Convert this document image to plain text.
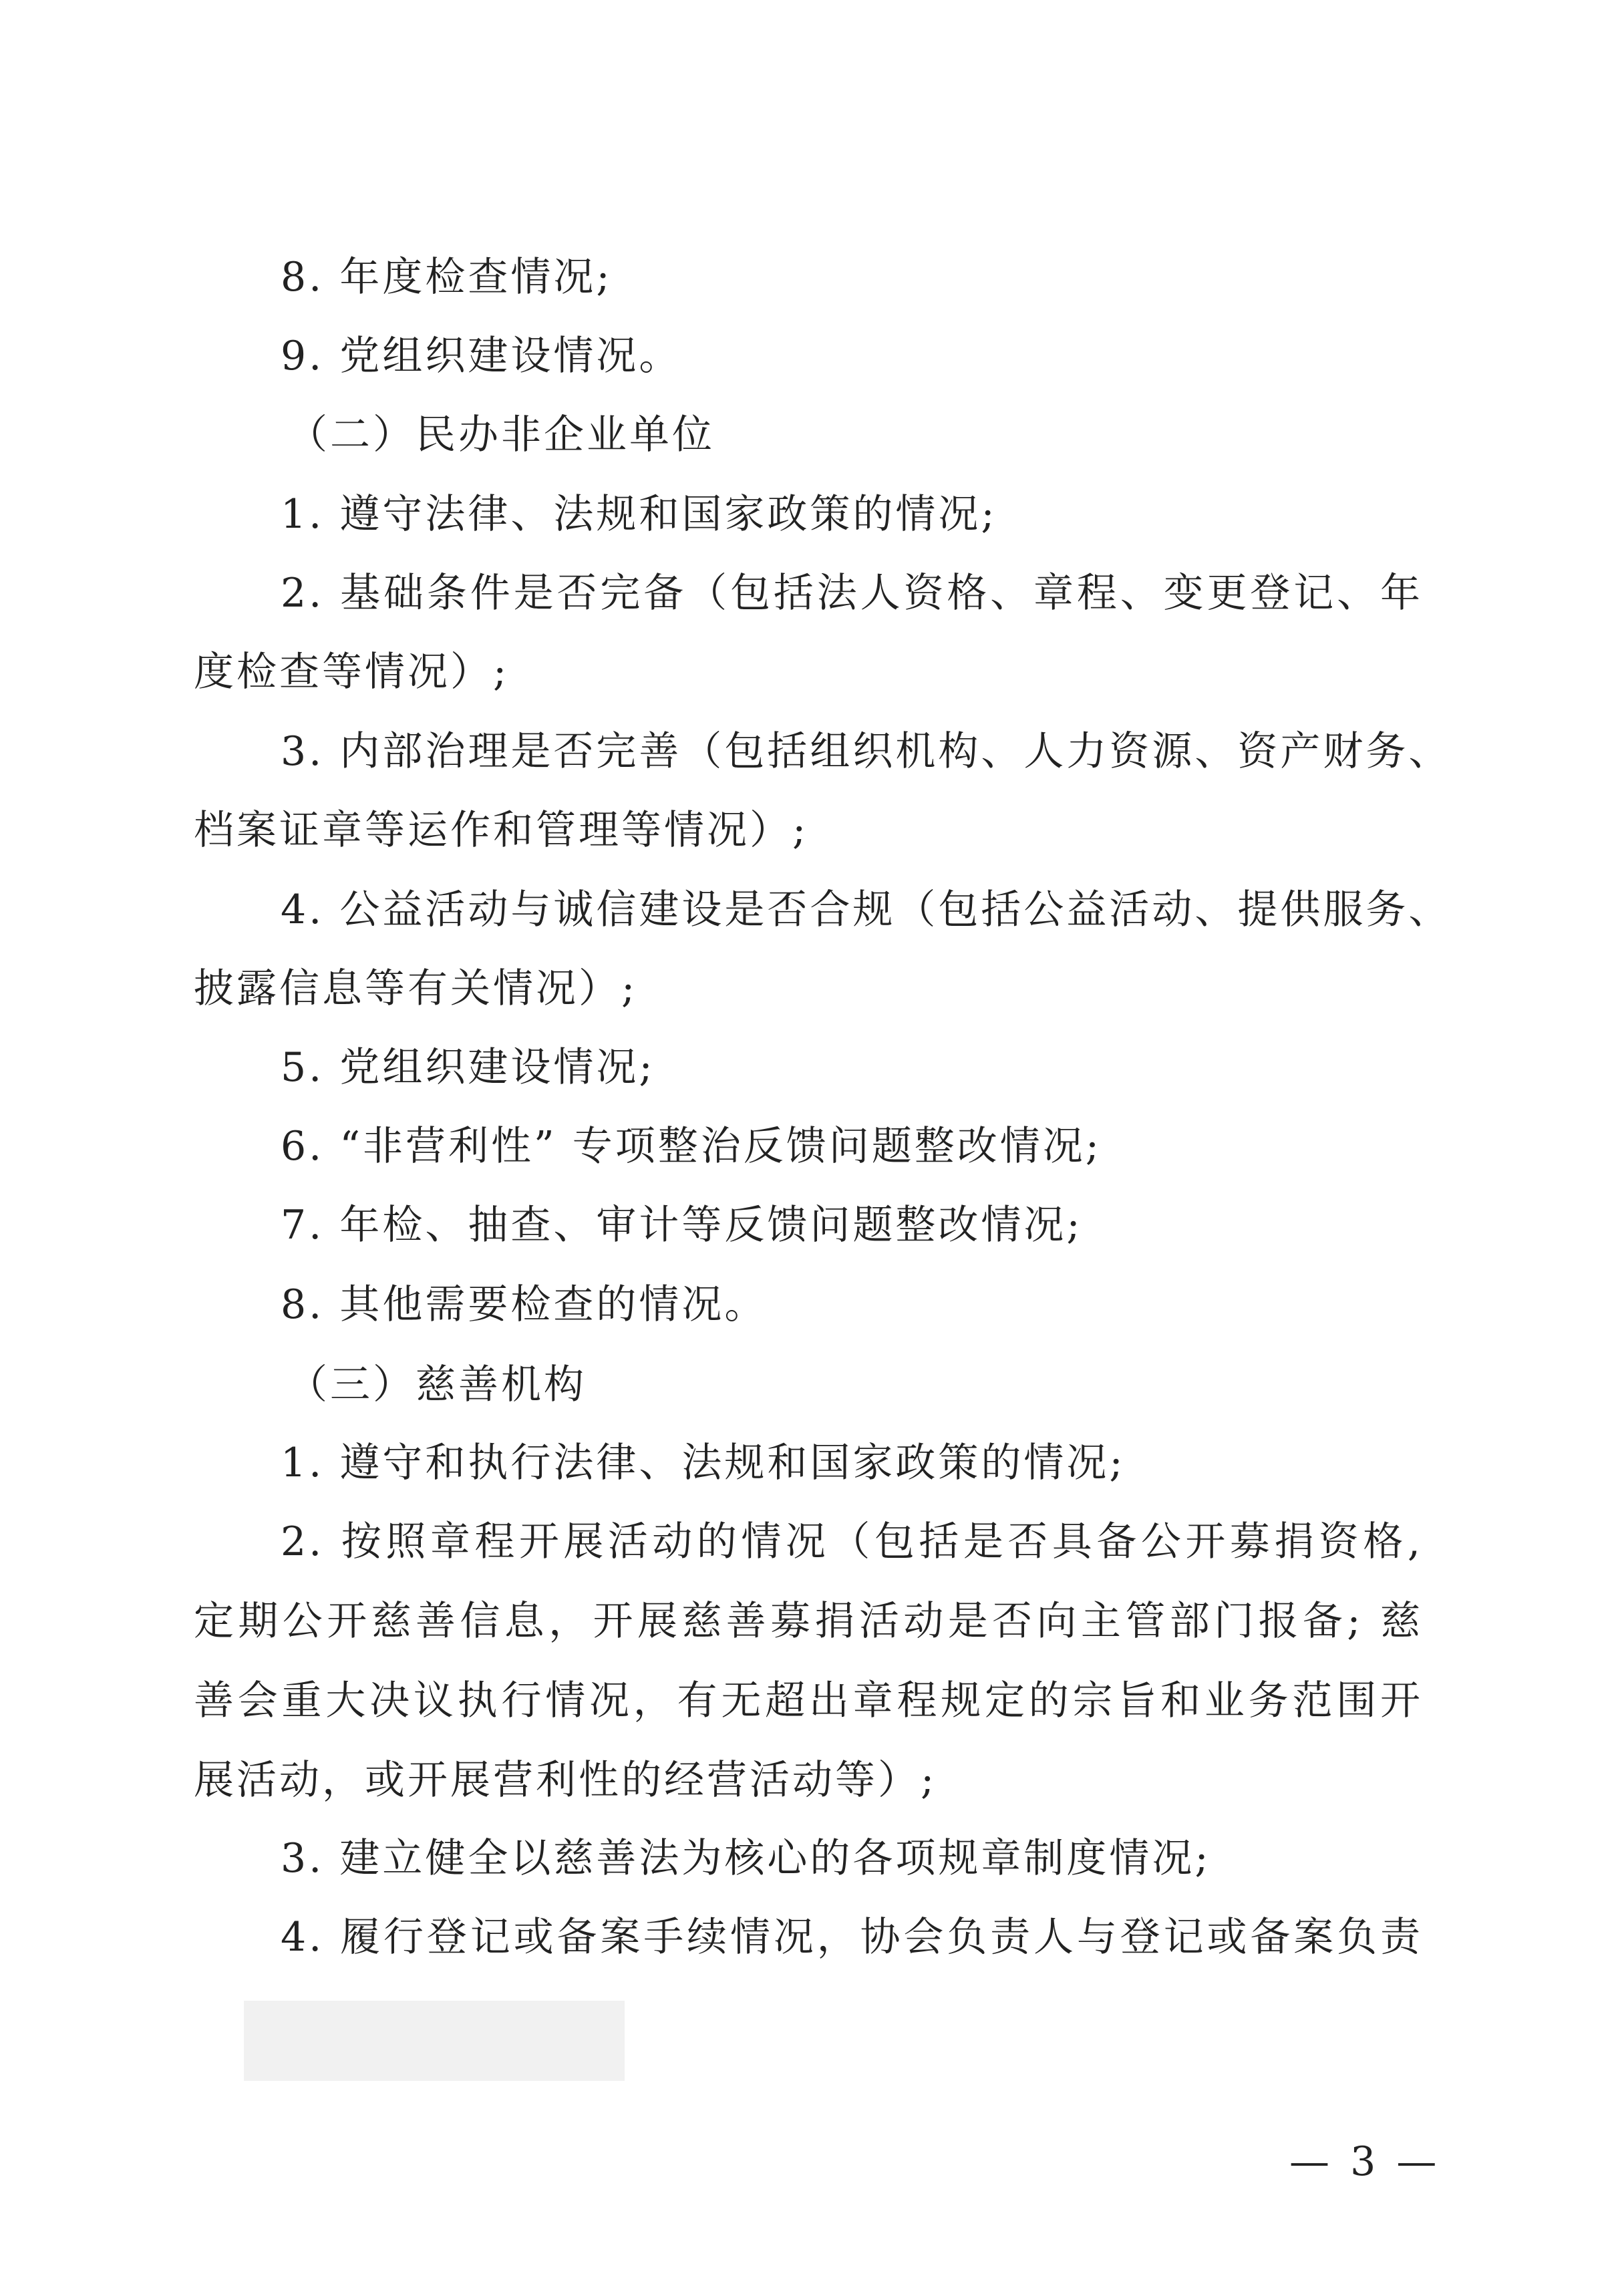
8. 年度检查情况;
9. 党组织建设情况。
（二）民办非企业单位
1. 遵守法律、法规和国家政策的情况;
2. 基础条件是否完备（包括法人资格、章程、变更登记、年
度检查等情况）;
3. 内部治理是否完善（包括组织机构、人力资源、资产财务、
档案证章等运作和管理等情况）;
4. 公益活动与诚信建设是否合规（包括公益活动、提供服务、
披露信息等有关情况）;
5. 党组织建设情况;
6. “非营利性” 专项整治反馈问题整改情况;
7. 年检、抽查、审计等反馈问题整改情况;
8. 其他需要检查的情况。
（三）慈善机构
1. 遵守和执行法律、法规和国家政策的情况;
2. 按照章程开展活动的情况（包括是否具备公开募捐资格,
定期公开慈善信息，开展慈善募捐活动是否向主管部门报备; 慈
善会重大决议执行情况，有无超出章程规定的宗旨和业务范围开
展活动，或开展营利性的经营活动等）;
3. 建立健全以慈善法为核心的各项规章制度情况;
4. 履行登记或备案手续情况，协会负责人与登记或备案负责
— 3 —
